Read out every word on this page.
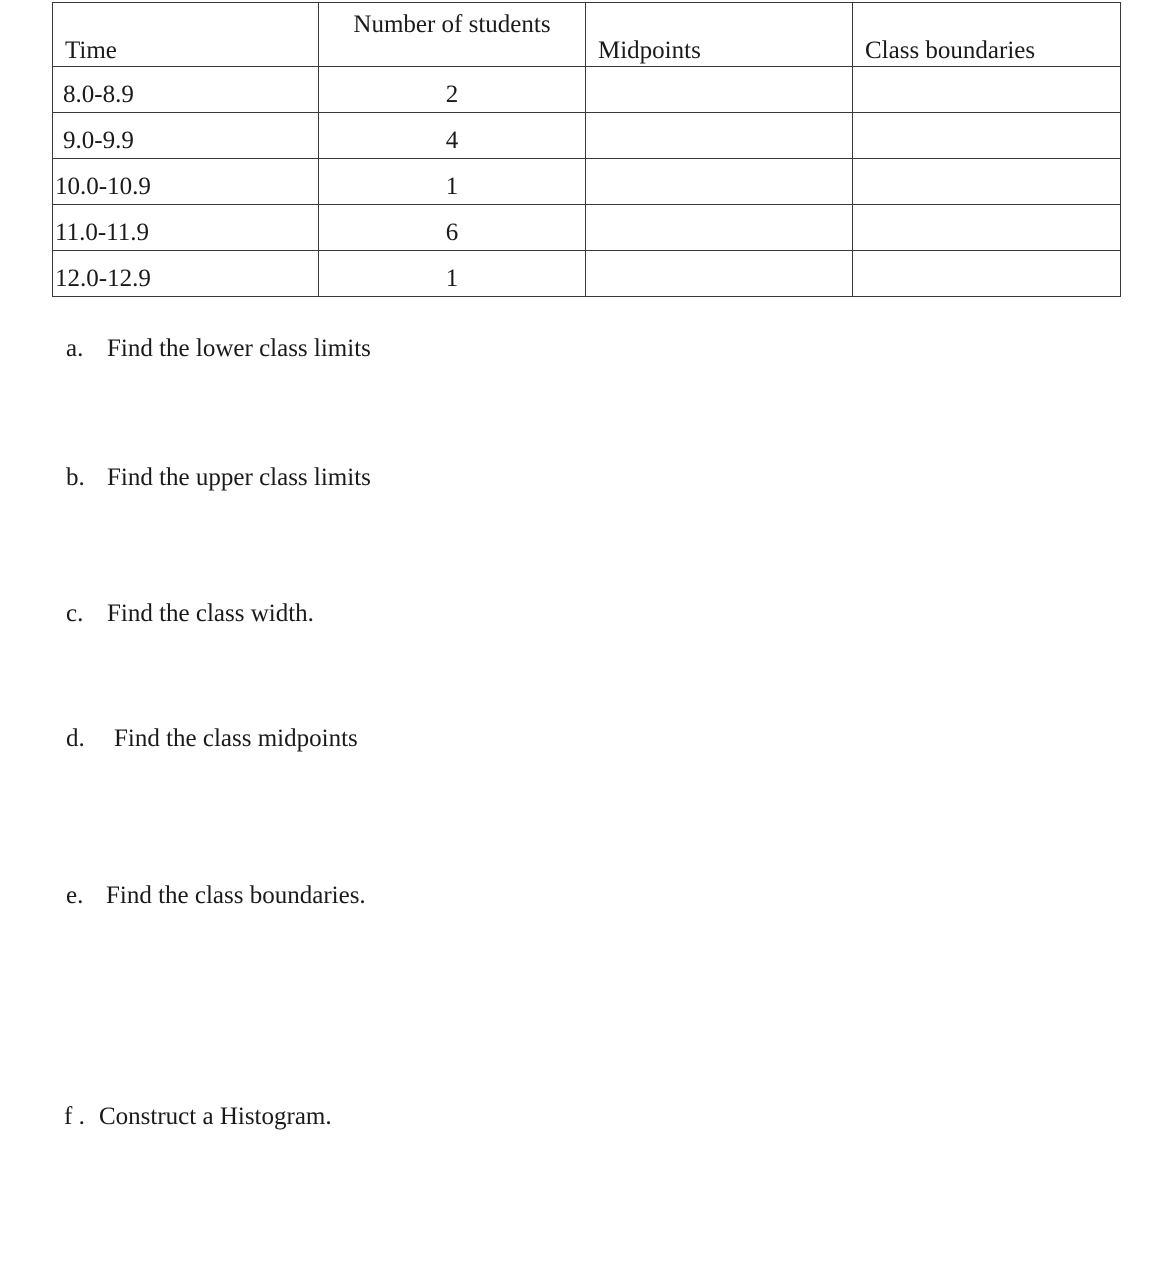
Time	Number of students	Midpoints	Class boundaries

8.0-8.9	2		
9.0-9.9	4		
10.0-10.9	1		
11.0-11.9	6		
12.0-12.9	1		
a. Find the lower class limits
b. Find the upper class limits
c. Find the class width.
d. Find the class midpoints
e. Find the class boundaries.
f . Construct a Histogram.
